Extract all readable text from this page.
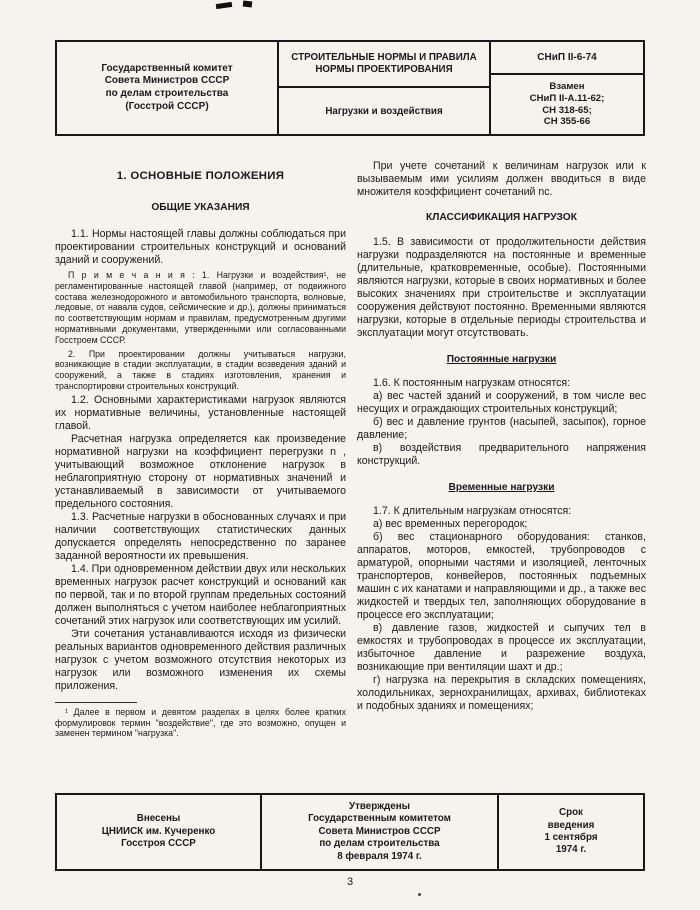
Государственный комитет
Совета Министров СССР
по делам строительства
(Госстрой СССР)
СТРОИТЕЛЬНЫЕ НОРМЫ И ПРАВИЛА
НОРМЫ ПРОЕКТИРОВАНИЯ
Нагрузки и воздействия
СНиП II-6-74
Взамен
СНиП II-А.11-62;
СН 318-65;
СН 355-66
1. ОСНОВНЫЕ ПОЛОЖЕНИЯ
ОБЩИЕ УКАЗАНИЯ

1.1. Нормы настоящей главы должны соблюдаться при проектировании строительных конструкций и оснований зданий и сооружений.

П р и м е ч а н и я : 1. Нагрузки и воздействия¹, не регламентированные настоящей главой (например, от подвижного состава железнодорожного и автомобильного транспорта, волновые, ледовые, от навала судов, сейсмические и др.), должны приниматься по соответствующим нормам и правилам, предусмотренным другими нормативными документами, утвержденными или согласованными Госстроем СССР.

2. При проектировании должны учитываться нагрузки, возникающие в стадии эксплуатации, в стадии возведения зданий и сооружений, а также в стадиях изготовления, хранения и транспортировки строительных конструкций.

1.2. Основными характеристиками нагрузок являются их нормативные величины, установленные настоящей главой.

Расчетная нагрузка определяется как произведение нормативной нагрузки на коэффициент перегрузки n , учитывающий возможное отклонение нагрузок в неблагоприятную сторону от нормативных значений и устанавливаемый в зависимости от учитываемого предельного состояния.

1.3. Расчетные нагрузки в обоснованных случаях и при наличии соответствующих статистических данных допускается определять непосредственно по заранее заданной вероятности их превышения.

1.4. При одновременном действии двух или нескольких временных нагрузок расчет конструкций и оснований как по первой, так и по второй группам предельных состояний должен выполняться с учетом наиболее неблагоприятных сочетаний этих нагрузок или соответствующих им усилий.

Эти сочетания устанавливаются исходя из физически реальных вариантов одновременного действия различных нагрузок с учетом возможного отсутствия некоторых из нагрузок или возможного изменения их схемы приложения.

¹ Далее в первом и девятом разделах в целях более кратких формулировок термин "воздействие", где это возможно, опущен и заменен термином "нагрузка".

При учете сочетаний к величинам нагрузок или к вызываемым ими усилиям должен вводиться в виде множителя коэффициент сочетаний nс.

КЛАССИФИКАЦИЯ НАГРУЗОК

1.5. В зависимости от продолжительности действия нагрузки подразделяются на постоянные и временные (длительные, кратковременные, особые). Постоянными являются нагрузки, которые в своих нормативных и более высоких значениях при строительстве и эксплуатации сооружения действуют постоянно. Временными являются нагрузки, которые в отдельные периоды строительства и эксплуатации могут отсутствовать.

Постоянные нагрузки

1.6. К постоянным нагрузкам относятся:

а) вес частей зданий и сооружений, в том числе вес несущих и ограждающих строительных конструкций;

б) вес и давление грунтов (насыпей, засыпок), горное давление;

в) воздействия предварительного напряжения конструкций.

Временные нагрузки

1.7. К длительным нагрузкам относятся:

а) вес временных перегородок;

б) вес стационарного оборудования: станков, аппаратов, моторов, емкостей, трубопроводов с арматурой, опорными частями и изоляцией, ленточных транспортеров, конвейеров, постоянных подъемных машин с их канатами и направляющими и др., а также вес жидкостей и твердых тел, заполняющих оборудование в процессе его эксплуатации;

в) давление газов, жидкостей и сыпучих тел в емкостях и трубопроводах в процессе их эксплуатации, избыточное давление и разрежение воздуха, возникающие при вентиляции шахт и др.;

г) нагрузка на перекрытия в складских помещениях, холодильниках, зернохранилищах, архивах, библиотеках и подобных зданиях и помещениях;

Внесены
ЦНИИСК им. Кучеренко
Госстроя СССР
Утверждены
Государственным комитетом
Совета Министров СССР
по делам строительства
8 февраля 1974 г.
Срок
введения
1 сентября
1974 г.
3
